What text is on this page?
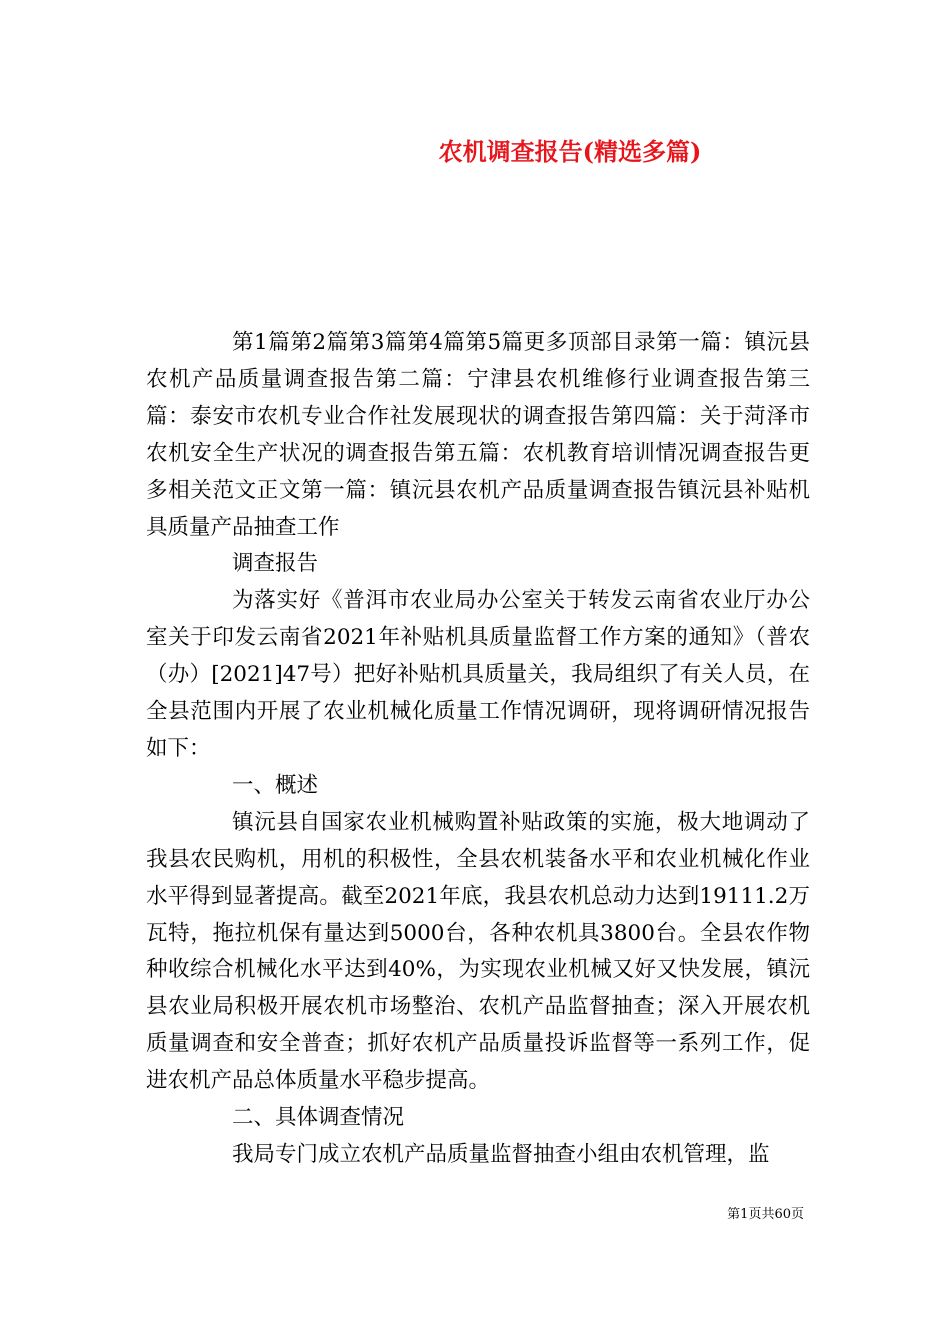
农机调查报告(精选多篇)

第1篇第2篇第3篇第4篇第5篇更多顶部目录第一篇：镇沅县农机产品质量调查报告第二篇：宁津县农机维修行业调查报告第三篇：泰安市农机专业合作社发展现状的调查报告第四篇：关于菏泽市农机安全生产状况的调查报告第五篇：农机教育培训情况调查报告更多相关范文正文第一篇：镇沅县农机产品质量调查报告镇沅县补贴机具质量产品抽查工作

调查报告

为落实好《普洱市农业局办公室关于转发云南省农业厅办公室关于印发云南省2021年补贴机具质量监督工作方案的通知》（普农（办）[2021]47号）把好补贴机具质量关，我局组织了有关人员，在全县范围内开展了农业机械化质量工作情况调研，现将调研情况报告如下：

一、概述

镇沅县自国家农业机械购置补贴政策的实施，极大地调动了我县农民购机，用机的积极性，全县农机装备水平和农业机械化作业水平得到显著提高。截至2021年底，我县农机总动力达到19111.2万瓦特，拖拉机保有量达到5000台，各种农机具3800台。全县农作物种收综合机械化水平达到40%，为实现农业机械又好又快发展，镇沅县农业局积极开展农机市场整治、农机产品监督抽查；深入开展农机质量调查和安全普查；抓好农机产品质量投诉监督等一系列工作，促进农机产品总体质量水平稳步提高。

二、具体调查情况

我局专门成立农机产品质量监督抽查小组由农机管理，监

第1页共60页
